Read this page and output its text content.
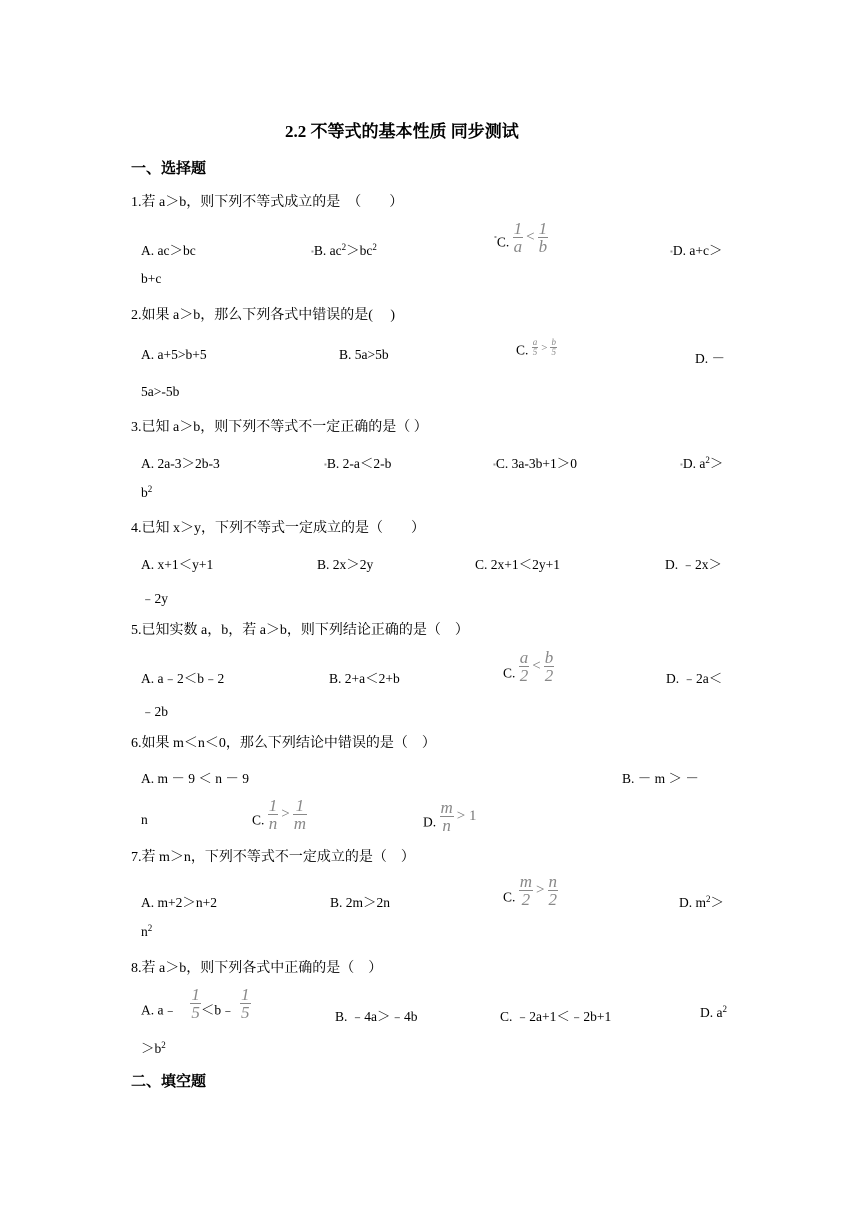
2.2 不等式的基本性质 同步测试
一、选择题
1.若 a＞b，则下列不等式成立的是　（　　）
A. ac＞bc	▪B. $ac^2>bc^2$
▪C. $\frac{1}{a} < \frac{1}{b}$	▪D. a+c＞
b+c
2.如果 a＞b，那么下列各式中错误的是(　 )
A. a+5>b+5	B. 5a>5b	C. $\frac{a}{5} > \frac{b}{5}$
D. －
5a>-5b
3.已知 a＞b，则下列不等式不一定正确的是（ ）
A. 2a-3＞2b-3	▪B. 2-a＜2-b	▪C. 3a-3b+1＞0	▪D. $a^2>$
$b^2$
4.已知 x＞y，下列不等式一定成立的是（　　）
A. x+1＜y+1	B. 2x＞2y	C. 2x+1＜2y+1	D. ﹣2x＞
﹣2y
5.已知实数 a，b，若 a＞b，则下列结论正确的是（　）
A. a﹣2＜b﹣2	B. 2+a＜2+b	C. $\frac{a}{2} < \frac{b}{2}$	D. ﹣2a＜
﹣2b
6.如果 m＜n＜0，那么下列结论中错误的是（　）
A. m － 9 ＜ n － 9	B. － m ＞ －
n	C. $\frac{1}{n} > \frac{1}{m}$	D. $\frac{m}{n} > 1$
7.若 m＞n，下列不等式不一定成立的是（　）
A. m+2＞n+2	B. 2m＞2n	C. $\frac{m}{2} > \frac{n}{2}$	D. $m^2>$
$n^2$
8.若 a＞b，则下列各式中正确的是（　）
A. a﹣ $\frac{1}{5}$ ＜b﹣ $\frac{1}{5}$	B. ﹣4a＞﹣4b	C. ﹣2a+1＜﹣2b+1	D. $a^2$
$>b^2$
二、填空题
